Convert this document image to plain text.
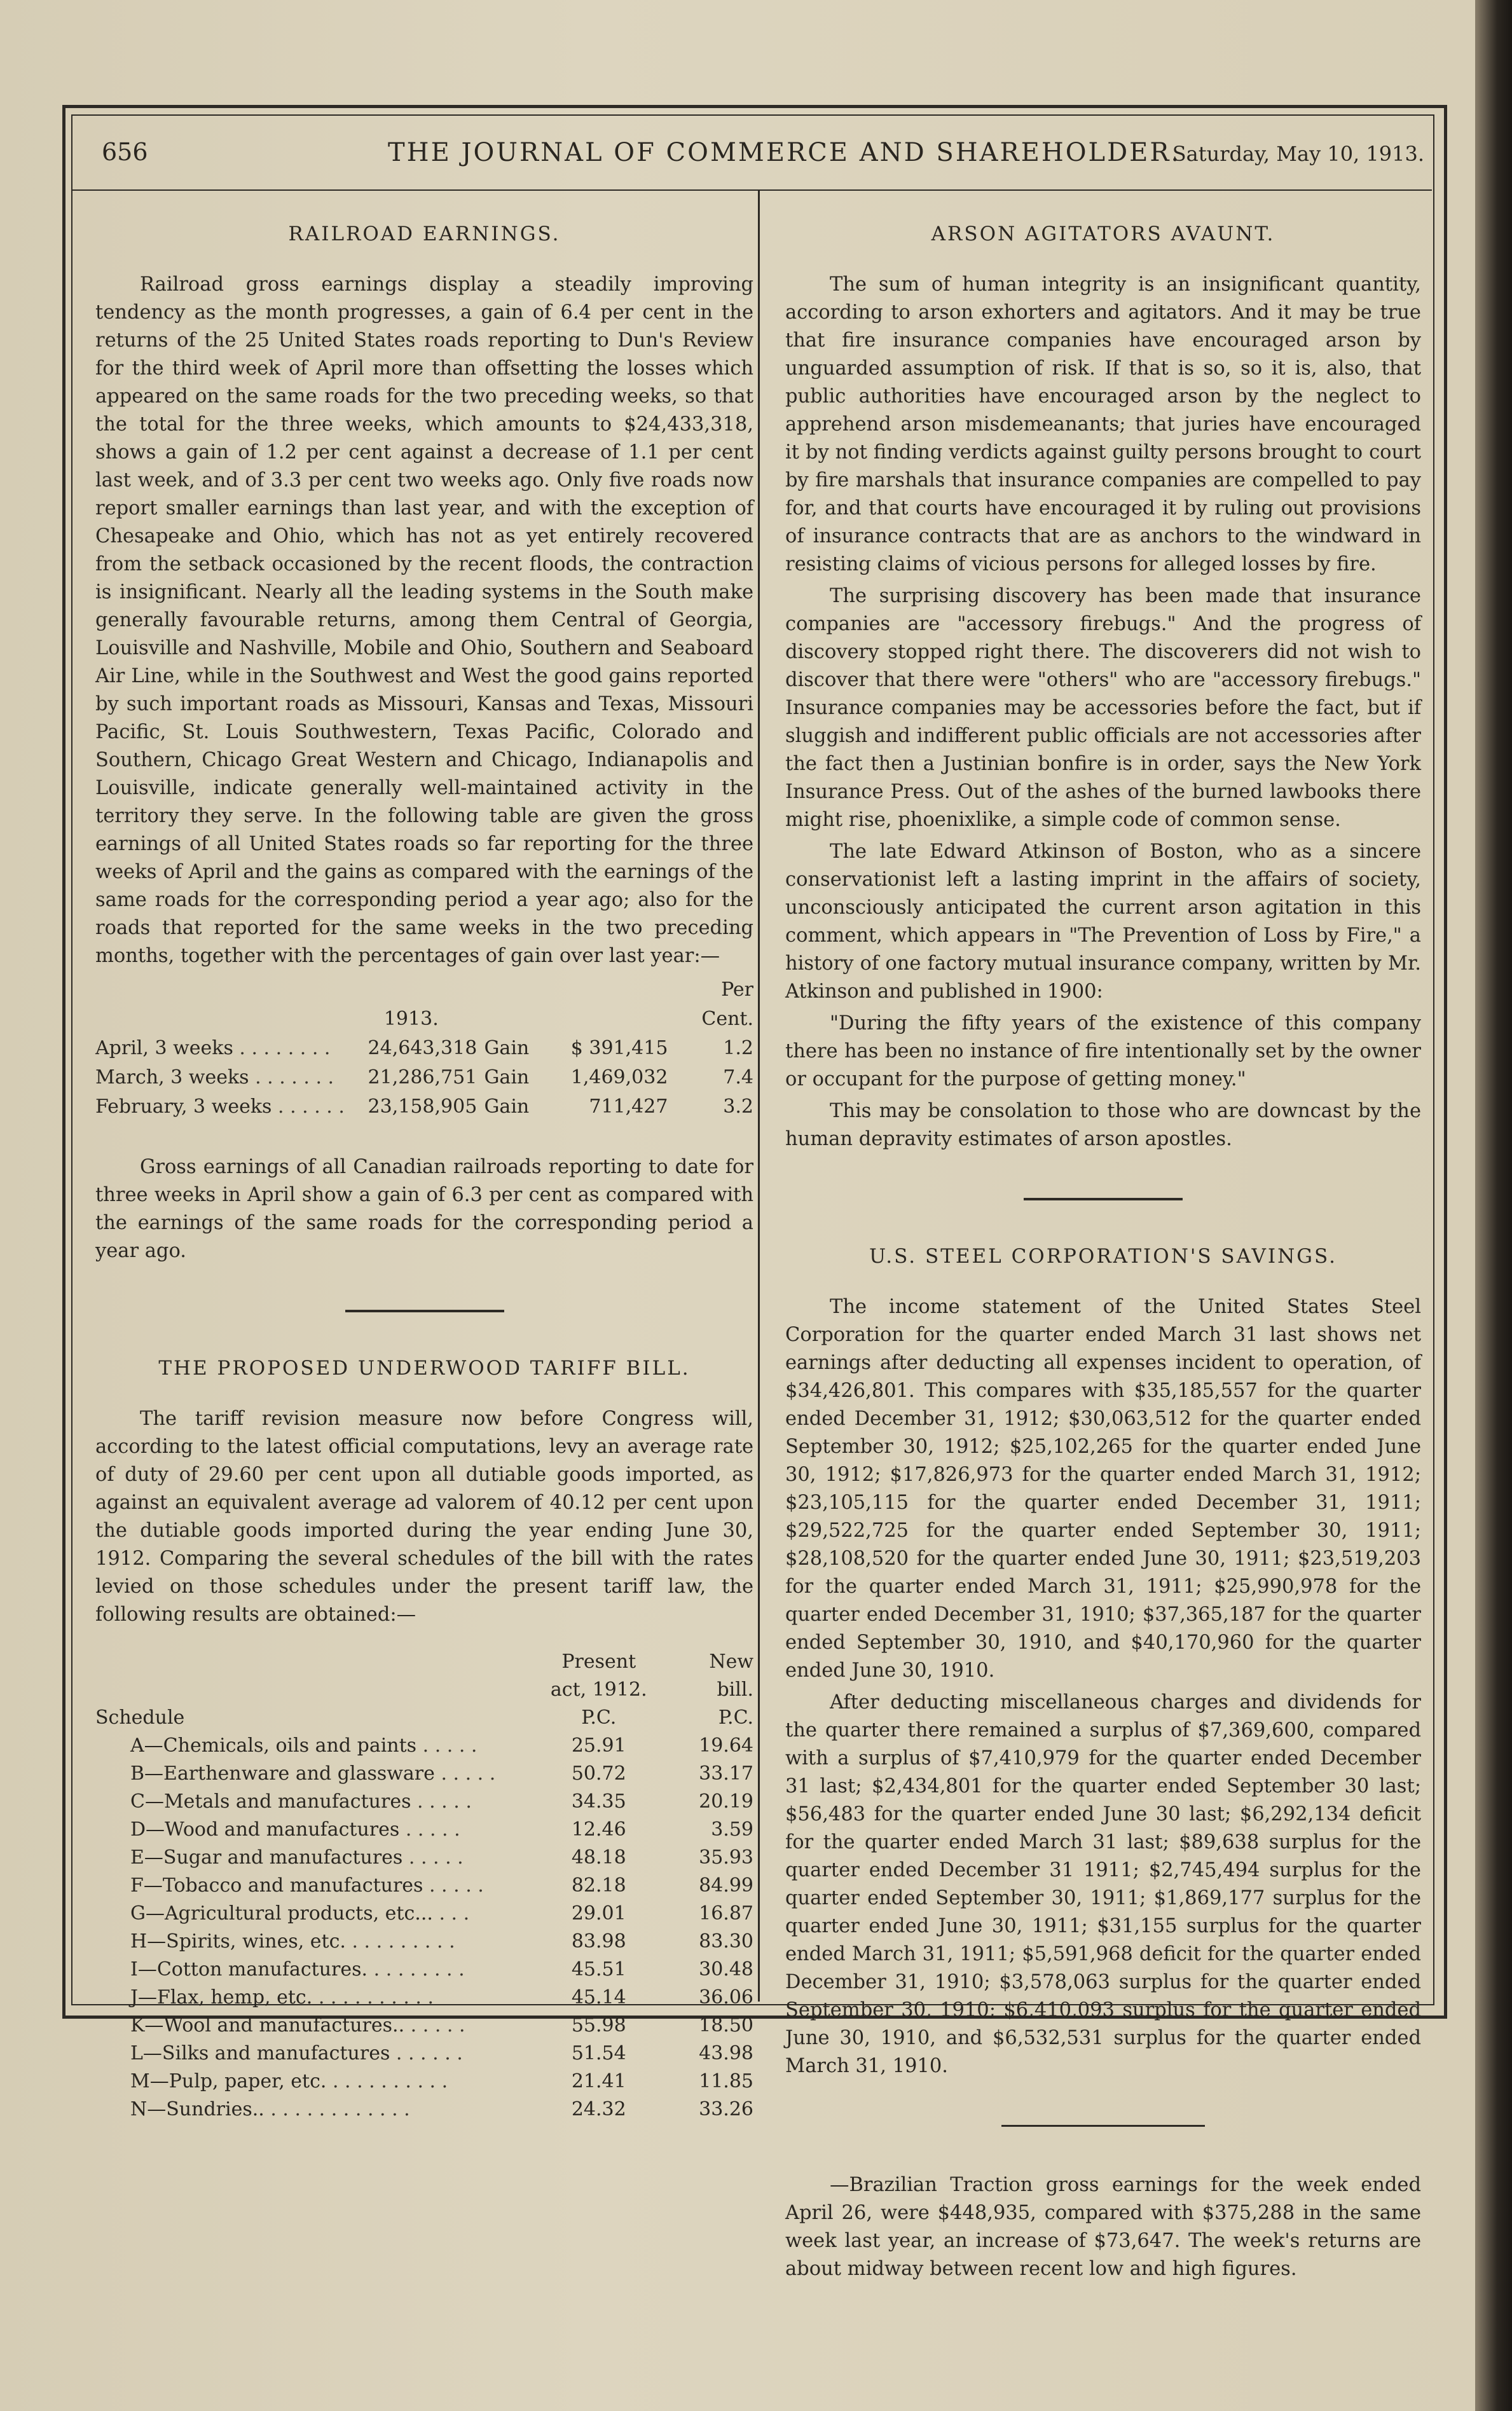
656	THE JOURNAL OF COMMERCE AND SHAREHOLDER.
Saturday, May 10, 1913.
RAILROAD EARNINGS.

Railroad gross earnings display a steadily improving tendency as the month progresses, a gain of 6.4 per cent in the returns of the 25 United States roads reporting to Dun's Review for the third week of April more than offsetting the losses which appeared on the same roads for the two preceding weeks, so that the total for the three weeks, which amounts to $24,433,318, shows a gain of 1.2 per cent against a decrease of 1.1 per cent last week, and of 3.3 per cent two weeks ago. Only five roads now report smaller earnings than last year, and with the exception of Chesapeake and Ohio, which has not as yet entirely recovered from the setback occasioned by the recent floods, the contraction is insignificant. Nearly all the leading systems in the South make generally favourable returns, among them Central of Georgia, Louisville and Nashville, Mobile and Ohio, Southern and Seaboard Air Line, while in the Southwest and West the good gains reported by such important roads as Missouri, Kansas and Texas, Missouri Pacific, St. Louis Southwestern, Texas Pacific, Colorado and Southern, Chicago Great Western and Chicago, Indianapolis and Louisville, indicate generally well-maintained activity in the territory they serve. In the following table are given the gross earnings of all United States roads so far reporting for the three weeks of April and the gains as compared with the earnings of the same roads for the corresponding period a year ago; also for the roads that reported for the same weeks in the two preceding months, together with the percentages of gain over last year:—

				Per
	1913.			Cent.
April, 3 weeks . . . . . . . .	24,643,318	Gain	$ 391,415	1.2
March, 3 weeks . . . . . . .	21,286,751	Gain	1,469,032	7.4
February, 3 weeks . . . . . .	23,158,905	Gain	711,427	3.2

Gross earnings of all Canadian railroads reporting to date for three weeks in April show a gain of 6.3 per cent as compared with the earnings of the same roads for the corresponding period a year ago.

THE PROPOSED UNDERWOOD TARIFF BILL.

The tariff revision measure now before Congress will, according to the latest official computations, levy an average rate of duty of 29.60 per cent upon all dutiable goods imported, as against an equivalent average ad valorem of 40.12 per cent upon the dutiable goods imported during the year ending June 30, 1912. Comparing the several schedules of the bill with the rates levied on those schedules under the present tariff law, the following results are obtained:—

	Present	New
	act, 1912.	bill.
Schedule	P.C.	P.C.
A—Chemicals, oils and paints . . . . .	25.91	19.64
B—Earthenware and glassware . . . . .	50.72	33.17
C—Metals and manufactures . . . . .	34.35	20.19
D—Wood and manufactures . . . . .	12.46	3.59
E—Sugar and manufactures . . . . .	48.18	35.93
F—Tobacco and manufactures . . . . .	82.18	84.99
G—Agricultural products, etc... . . .	29.01	16.87
H—Spirits, wines, etc. . . . . . . . . .	83.98	83.30
I—Cotton manufactures. . . . . . . . .	45.51	30.48
J—Flax, hemp, etc. . . . . . . . . . .	45.14	36.06
K—Wool and manufactures.. . . . . .	55.98	18.50
L—Silks and manufactures . . . . . .	51.54	43.98
M—Pulp, paper, etc. . . . . . . . . . .	21.41	11.85
N—Sundries.. . . . . . . . . . . . .	24.32	33.26
ARSON AGITATORS AVAUNT.

The sum of human integrity is an insignificant quantity, according to arson exhorters and agitators. And it may be true that fire insurance companies have encouraged arson by unguarded assumption of risk. If that is so, so it is, also, that public authorities have encouraged arson by the neglect to apprehend arson misdemeanants; that juries have encouraged it by not finding verdicts against guilty persons brought to court by fire marshals that insurance companies are compelled to pay for, and that courts have encouraged it by ruling out provisions of insurance contracts that are as anchors to the windward in resisting claims of vicious persons for alleged losses by fire.

The surprising discovery has been made that insurance companies are "accessory firebugs." And the progress of discovery stopped right there. The discoverers did not wish to discover that there were "others" who are "accessory firebugs." Insurance companies may be accessories before the fact, but if sluggish and indifferent public officials are not accessories after the fact then a Justinian bonfire is in order, says the New York Insurance Press. Out of the ashes of the burned lawbooks there might rise, phoenixlike, a simple code of common sense.

The late Edward Atkinson of Boston, who as a sincere conservationist left a lasting imprint in the affairs of society, unconsciously anticipated the current arson agitation in this comment, which appears in "The Prevention of Loss by Fire," a history of one factory mutual insurance company, written by Mr. Atkinson and published in 1900:

"During the fifty years of the existence of this company there has been no instance of fire intentionally set by the owner or occupant for the purpose of getting money."

This may be consolation to those who are downcast by the human depravity estimates of arson apostles.

U.S. STEEL CORPORATION'S SAVINGS.

The income statement of the United States Steel Corporation for the quarter ended March 31 last shows net earnings after deducting all expenses incident to operation, of $34,426,801. This compares with $35,185,557 for the quarter ended December 31, 1912; $30,063,512 for the quarter ended September 30, 1912; $25,102,265 for the quarter ended June 30, 1912; $17,826,973 for the quarter ended March 31, 1912; $23,105,115 for the quarter ended December 31, 1911; $29,522,725 for the quarter ended September 30, 1911; $28,108,520 for the quarter ended June 30, 1911; $23,519,203 for the quarter ended March 31, 1911; $25,990,978 for the quarter ended December 31, 1910; $37,365,187 for the quarter ended September 30, 1910, and $40,170,960 for the quarter ended June 30, 1910.

After deducting miscellaneous charges and dividends for the quarter there remained a surplus of $7,369,600, compared with a surplus of $7,410,979 for the quarter ended December 31 last; $2,434,801 for the quarter ended September 30 last; $56,483 for the quarter ended June 30 last; $6,292,134 deficit for the quarter ended March 31 last; $89,638 surplus for the quarter ended December 31 1911; $2,745,494 surplus for the quarter ended September 30, 1911; $1,869,177 surplus for the quarter ended June 30, 1911; $31,155 surplus for the quarter ended March 31, 1911; $5,591,968 deficit for the quarter ended December 31, 1910; $3,578,063 surplus for the quarter ended September 30, 1910; $6,410,093 surplus for the quarter ended June 30, 1910, and $6,532,531 surplus for the quarter ended March 31, 1910.

—Brazilian Traction gross earnings for the week ended April 26, were $448,935, compared with $375,288 in the same week last year, an increase of $73,647. The week's returns are about midway between recent low and high figures.
